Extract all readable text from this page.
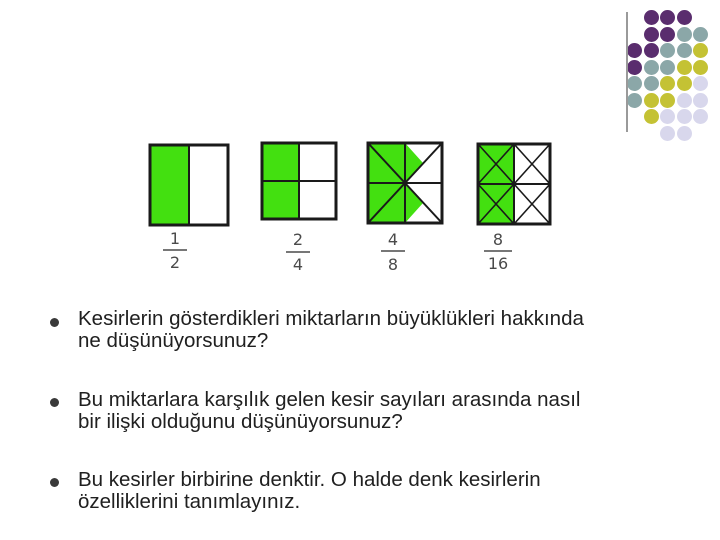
1
2
2
4
4
8
8
16
Kesirlerin gösterdikleri miktarların büyüklükleri hakkında
ne düşünüyorsunuz?
Bu miktarlara karşılık gelen kesir sayıları arasında nasıl
bir ilişki olduğunu düşünüyorsunuz?
Bu kesirler birbirine denktir. O halde denk kesirlerin
özelliklerini tanımlayınız.
